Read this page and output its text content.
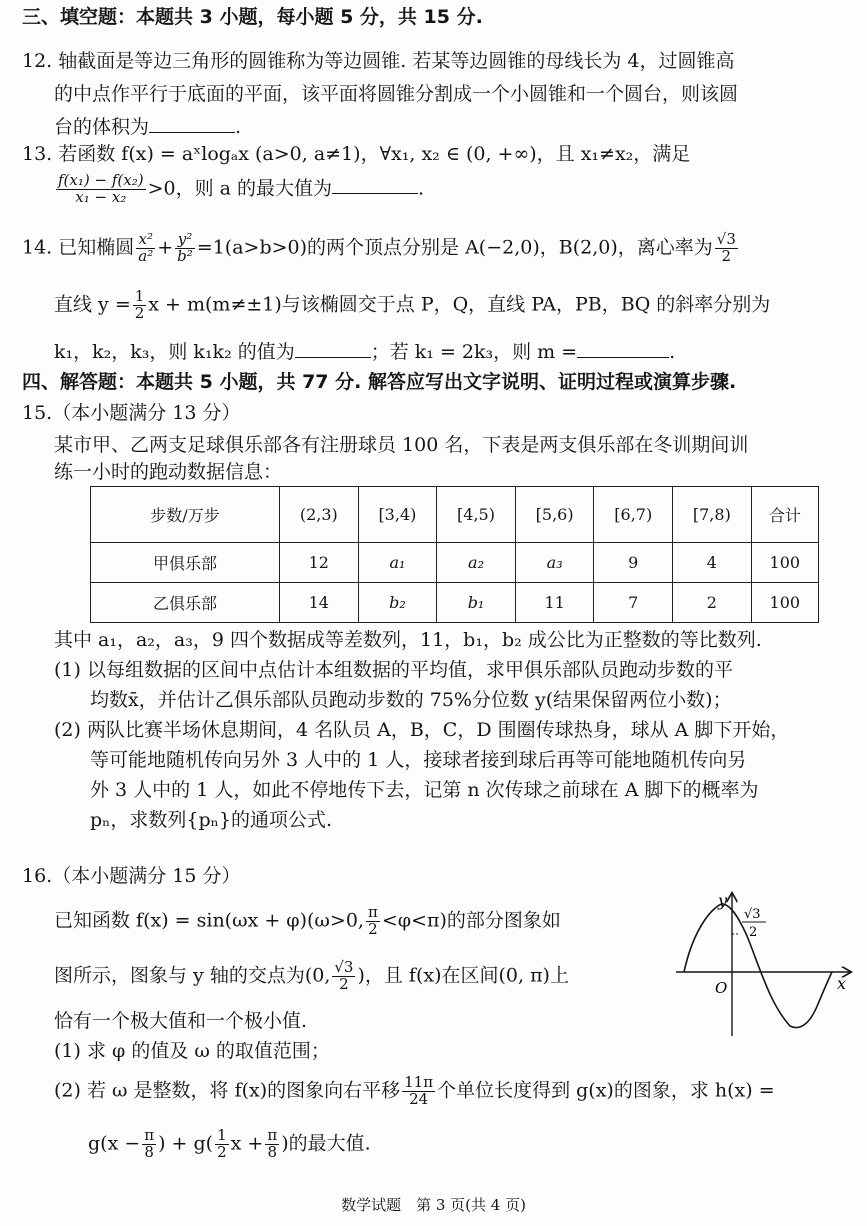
三、填空题：本题共 3 小题，每小题 5 分，共 15 分.
12. 轴截面是等边三角形的圆锥称为等边圆锥. 若某等边圆锥的母线长为 4，过圆锥高
的中点作平行于底面的平面，该平面将圆锥分割成一个小圆锥和一个圆台，则该圆
台的体积为	.
13. 若函数 f(x) = aˣlogₐx (a>0, a≠1)，∀x₁, x₂ ∈ (0, +∞)，且 x₁≠x₂，满足
$\frac{\text{f(x₁) − f(x₂)}}{\text{x₁ − x₂}} >0$，则 a 的最大值为	.
14. 已知椭圆 $\frac{\text{x²}}{\text{a²}} + \frac{\text{y²}}{\text{b²}} =1(a>b>0)$的两个顶点分别是 A(−2,0)，B(2,0)，离心率为 $\frac{√3}{2}$
直线 $y = \frac{1}{2}$ x + m(m≠±1)与该椭圆交于点 P，Q，直线 PA，PB，BQ 的斜率分别为
k₁，k₂，k₃，则 k₁k₂ 的值为	；若 k₁ = 2k₃，则 m =	.
四、解答题：本题共 5 小题，共 77 分. 解答应写出文字说明、证明过程或演算步骤.
15.（本小题满分 13 分）
某市甲、乙两支足球俱乐部各有注册球员 100 名，下表是两支俱乐部在冬训期间训
练一小时的跑动数据信息：
步数/万步	(2,3)	[3,4)	[4,5)	[5,6)	[6,7)	[7,8)	合计
甲俱乐部	12	a₁	a₂	a₃	9	4	100
乙俱乐部	14	b₂	b₁	11	7	2	100
其中 a₁，a₂，a₃，9 四个数据成等差数列，11，b₁，b₂ 成公比为正整数的等比数列.
(1) 以每组数据的区间中点估计本组数据的平均值，求甲俱乐部队员跑动步数的平
均数x̄，并估计乙俱乐部队员跑动步数的 75%分位数 y(结果保留两位小数)；
(2) 两队比赛半场休息期间，4 名队员 A，B，C，D 围圈传球热身，球从 A 脚下开始，
等可能地随机传向另外 3 人中的 1 人，接球者接到球后再等可能地随机传向另
外 3 人中的 1 人，如此不停地传下去，记第 n 次传球之前球在 A 脚下的概率为
pₙ，求数列{pₙ}的通项公式.
16.（本小题满分 15 分）
已知函数 f(x) = sin(ωx + φ)(ω>0, $\frac{\pi}{2} <\varphi<\pi$)的部分图象如
图所示，图象与 y 轴的交点为(0, $\frac{√3}{2}$ )，且 f(x)在区间(0, π)上
恰有一个极大值和一个极小值.
(1) 求 φ 的值及 ω 的取值范围；
(2) 若 ω 是整数，将 f(x)的图象向右平移 $\frac{11\pi}{24}$ 个单位长度得到 g(x)的图象，求 h(x) =
$g(x - \frac{\pi}{8}$ ) + $g( \frac{1}{2}$ $x + \frac{\pi}{8}$ )的最大值.
y
x
O
√3
2
数学试题　第 3 页(共 4 页)
